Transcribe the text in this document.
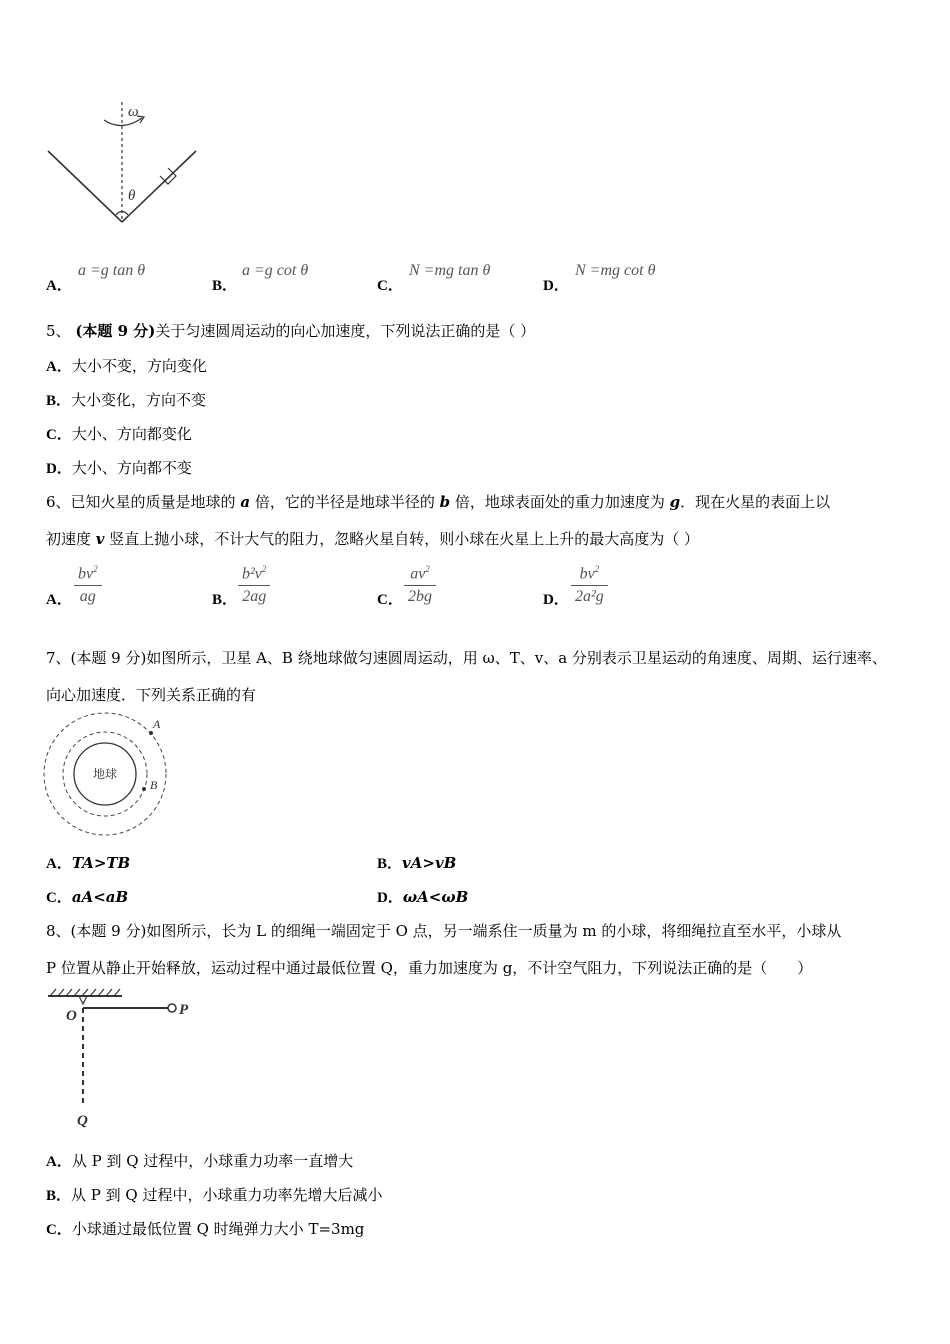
ω
θ
A．
a =g tan θ
B．
a =g cot θ
C．
N =mg tan θ
D．
N =mg cot θ
5、 (本题 9 分)关于匀速圆周运动的向心加速度，下列说法正确的是（ ）
A．大小不变，方向变化
B．大小变化，方向不变
C．大小、方向都变化
D．大小、方向都不变
6、已知火星的质量是地球的 a 倍，它的半径是地球半径的 b 倍，地球表面处的重力加速度为 g．现在火星的表面上以
初速度 v 竖直上抛小球，不计大气的阻力，忽略火星自转，则小球在火星上上升的最大高度为（ ）
A． $\frac{bv^2}{ag}$	B． $\frac{b^2v^2}{2ag}$	C． $\frac{av^2}{2bg}$	D． $\frac{bv^2}{\text{2a²g}}$
7、(本题 9 分)如图所示，卫星 A、B 绕地球做匀速圆周运动，用 ω、T、v、a 分别表示卫星运动的角速度、周期、运行速率、
向心加速度．下列关系正确的有
地球
A
B
A．TA>TB	B．vA>vB
C．aA<aB	D．ωA<ωB
8、(本题 9 分)如图所示，长为 L 的细绳一端固定于 O 点，另一端系住一质量为 m 的小球，将细绳拉直至水平，小球从
P 位置从静止开始释放，运动过程中通过最低位置 Q，重力加速度为 g，不计空气阻力，下列说法正确的是（　　）
O	P
Q
A．从 P 到 Q 过程中，小球重力功率一直增大
B．从 P 到 Q 过程中，小球重力功率先增大后减小
C．小球通过最低位置 Q 时绳弹力大小 T=3mg
